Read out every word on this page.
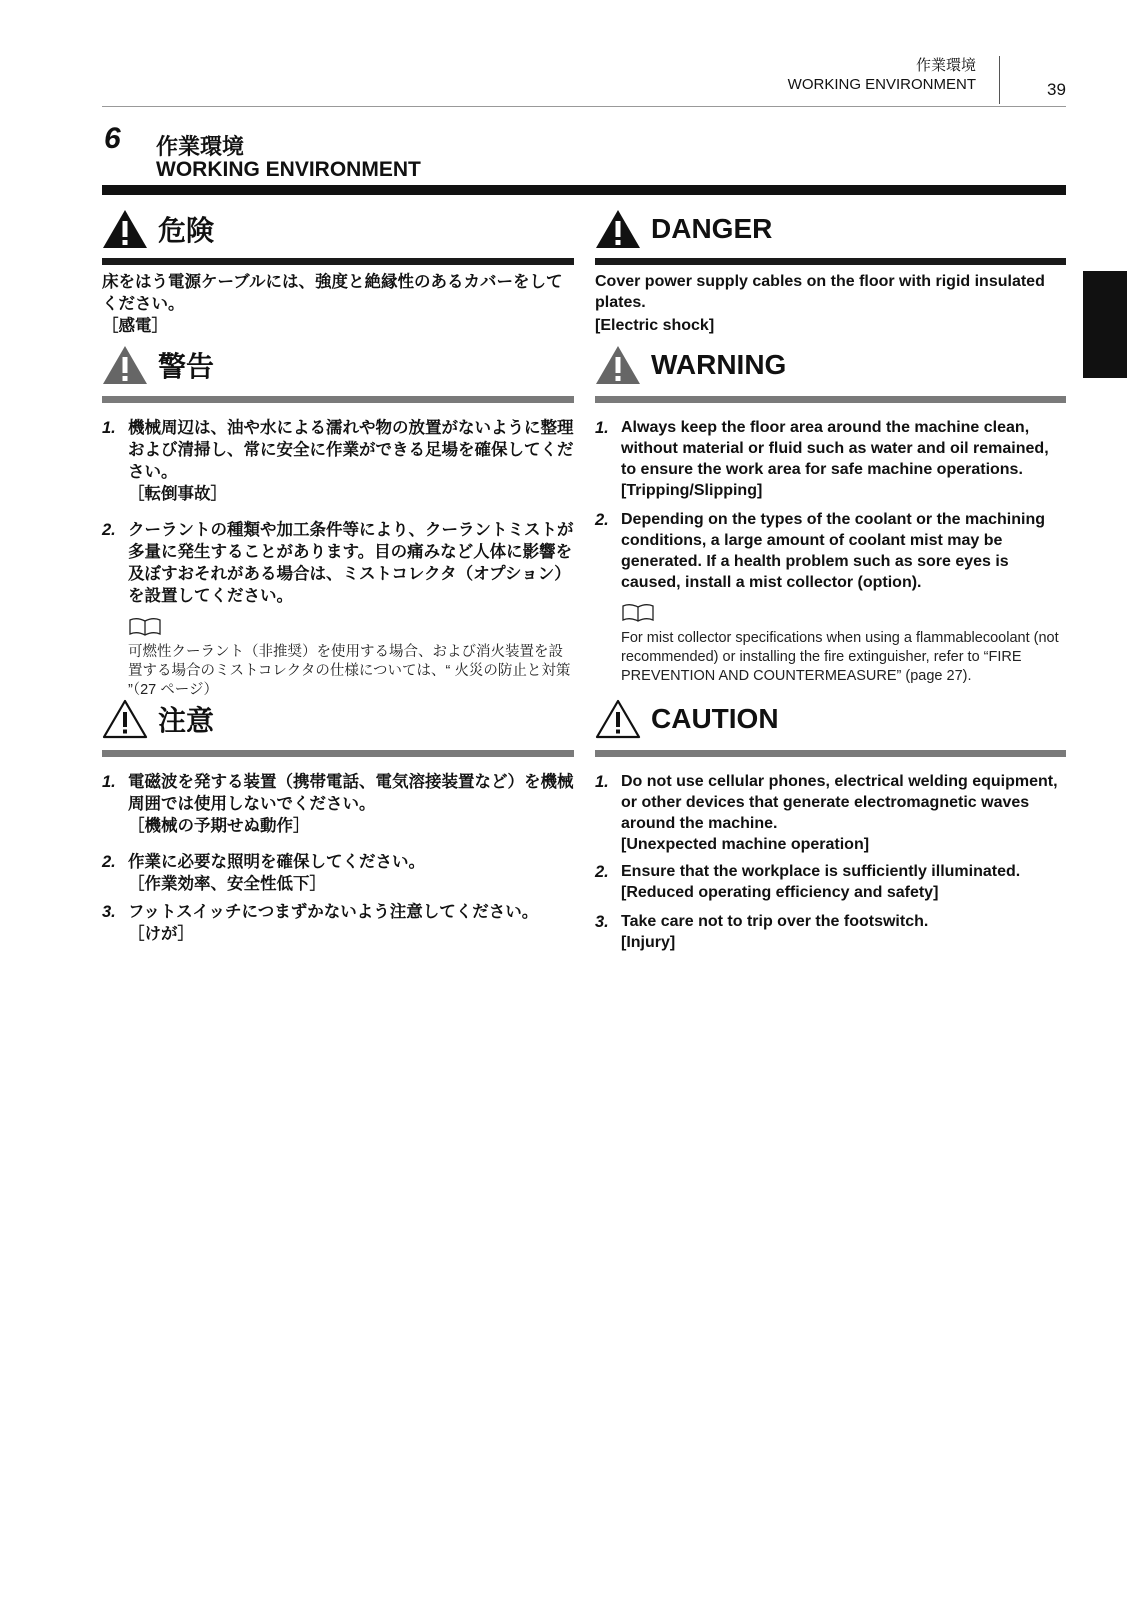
作業環境
WORKING ENVIRONMENT	39
6 作業環境
WORKING ENVIRONMENT
危険
床をはう電源ケーブルには、強度と絶縁性のあるカバーをしてください。
［感電］
DANGER
Cover power supply cables on the floor with rigid insulated plates.
[Electric shock]
警告
1. 機械周辺は、油や水による濡れや物の放置がないように整理および清掃し、常に安全に作業ができる足場を確保してください。
［転倒事故］
2. クーラントの種類や加工条件等により、クーラントミストが多量に発生することがあります。目の痛みなど人体に影響を及ぼすおそれがある場合は、ミストコレクタ（オプション）を設置してください。
可燃性クーラント（非推奨）を使用する場合、および消火装置を設置する場合のミストコレクタの仕様については、“ 火災の防止と対策 ”（27 ページ）
WARNING
1. Always keep the floor area around the machine clean, without material or fluid such as water and oil remained, to ensure the work area for safe machine operations.
[Tripping/Slipping]
2. Depending on the types of the coolant or the machining conditions, a large amount of coolant mist may be generated. If a health problem such as sore eyes is caused, install a mist collector (option).
For mist collector specifications when using a flammablecoolant (not recommended) or installing the fire extinguisher, refer to “FIRE PREVENTION AND COUNTERMEASURE” (page 27).
注意
1. 電磁波を発する装置（携帯電話、電気溶接装置など）を機械周囲では使用しないでください。
［機械の予期せぬ動作］
2. 作業に必要な照明を確保してください。
［作業効率、安全性低下］
3. フットスイッチにつまずかないよう注意してください。
［けが］
CAUTION
1. Do not use cellular phones, electrical welding equipment, or other devices that generate electromagnetic waves around the machine.
[Unexpected machine operation]
2. Ensure that the workplace is sufficiently illuminated.
[Reduced operating efficiency and safety]
3. Take care not to trip over the footswitch.
[Injury]
